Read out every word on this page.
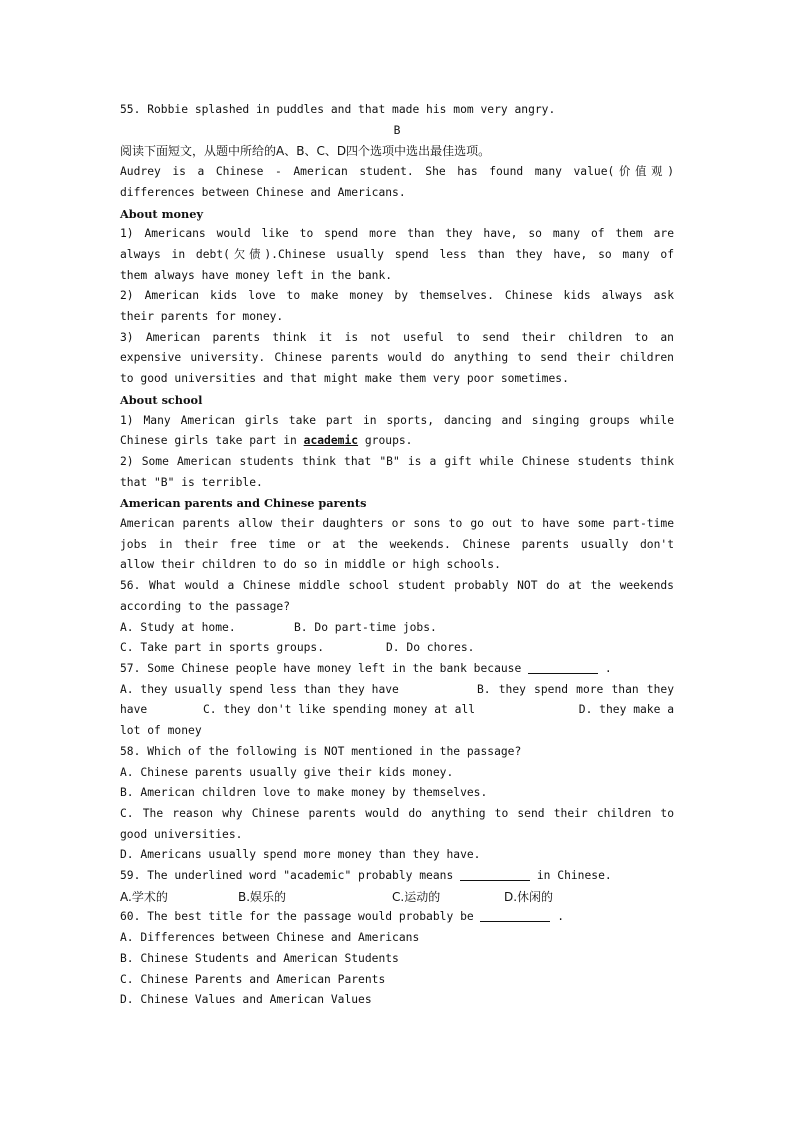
55. Robbie splashed in puddles and that made his mom very angry.
B
阅读下面短文，从题中所给的A、B、C、D四个选项中选出最佳选项。
Audrey is a Chinese - American student. She has found many value(价值观)
differences between Chinese and Americans.
About money
1) Americans would like to spend more than they have, so many of them are
always in debt(欠债).Chinese usually spend less than they have, so many of
them always have money left in the bank.
2) American kids love to make money by themselves. Chinese kids always ask
their parents for money.
3) American parents think it is not useful to send their children to an
expensive university. Chinese parents would do anything to send their children
to good universities and that might make them very poor sometimes.
About school
1) Many American girls take part in sports, dancing and singing groups while
Chinese girls take part in academic groups.
2) Some American students think that "B" is a gift while Chinese students think
that "B" is terrible.
American parents and Chinese parents
American parents allow their daughters or sons to go out to have some part-time
jobs in their free time or at the weekends. Chinese parents usually don't
allow their children to do so in middle or high schools.
56. What would a Chinese middle school student probably NOT do at the weekends
according to the passage?
A. Study at home.	B. Do part-time jobs.
C. Take part in sports groups.	D. Do chores.
57. Some Chinese people have money left in the bank because	.
A. they usually spend less than they have	B. they spend more than they
have	C. they don't like spending money at all	D. they make a
lot of money
58. Which of the following is NOT mentioned in the passage?
A. Chinese parents usually give their kids money.
B. American children love to make money by themselves.
C. The reason why Chinese parents would do anything to send their children to
good universities.
D. Americans usually spend more money than they have.
59. The underlined word "academic" probably means	in Chinese.
A.学术的	B.娱乐的	C.运动的	D.休闲的
60. The best title for the passage would probably be	.
A. Differences between Chinese and Americans
B. Chinese Students and American Students
C. Chinese Parents and American Parents
D. Chinese Values and American Values
